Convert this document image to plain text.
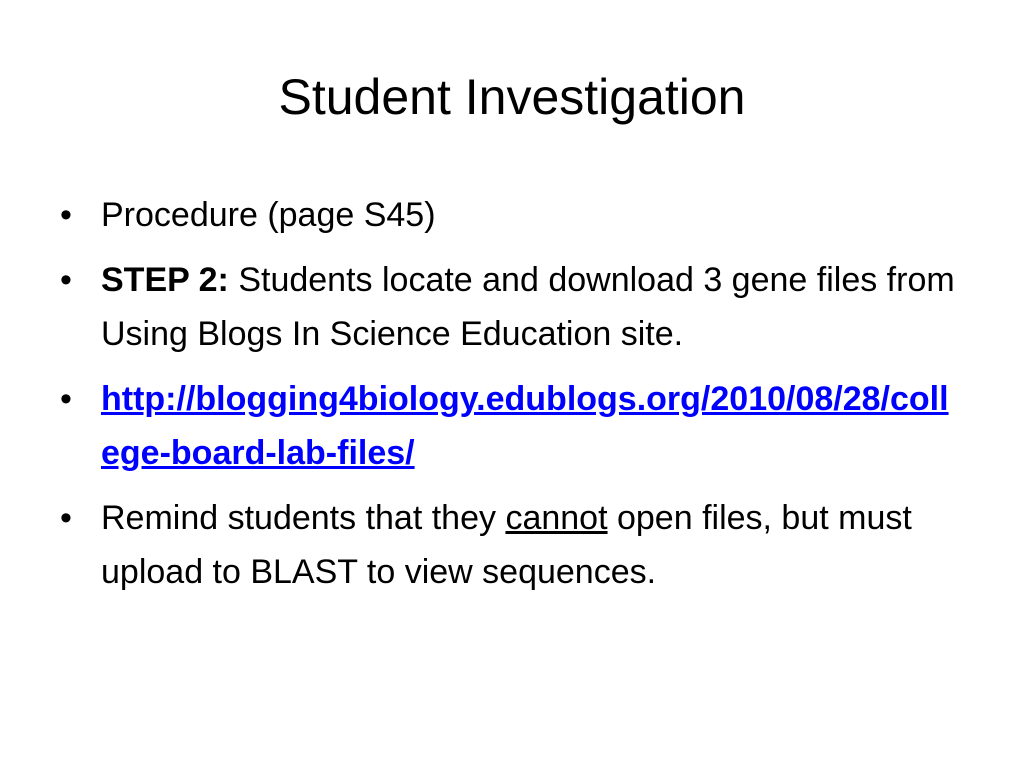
Student Investigation
• Procedure (page S45)
• STEP 2: Students locate and download 3 gene files from Using Blogs In Science Education site.
• http://blogging4biology.edublogs.org/2010/08/28/college-board-lab-files/
• Remind students that they cannot open files, but must upload to BLAST to view sequences.
